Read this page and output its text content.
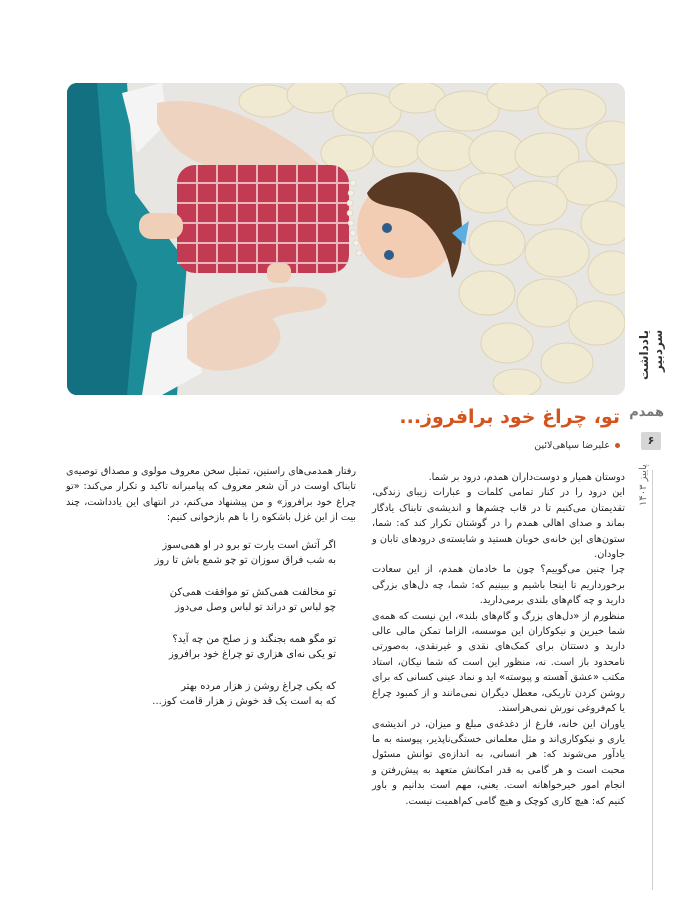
یادداشت سردبیر
همدم
۶
پاییز ۱۴۰۳
تو، چراغ خود برافروز...
علیرضا سپاهی‌لائین

دوستان همیار و دوست‌داران همدم، درود بر شما.

این درود را در کنار تمامی کلمات و عبارات زیبای زندگی، تقدیمتان می‌کنیم تا در قاب چشم‌ها و اندیشه‌ی تابناک یادگار بماند و صدای اهالی همدم را در گوشتان تکرار کند که: شما، ستون‌های این خانه‌ی خوبان هستید و شایسته‌ی درودهای تابان و جاودان.

چرا چنین می‌گوییم؟ چون ما خادمان همدم، از این سعادت برخورداریم تا اینجا باشیم و ببینیم که: شما، چه دل‌های بزرگی دارید و چه گام‌های بلندی برمی‌دارید.

منظورم از «دل‌های بزرگ و گام‌های بلند»، این نیست که همه‌ی شما خیرین و نیکوکاران این موسسه، الزاما تمکن مالی عالی دارید و دستتان برای کمک‌های نقدی و غیرنقدی، به‌صورتی نامحدود باز است. نه، منظور این است که شما نیکان، استاد مکتب «عشق آهسته و پیوسته» اید و نماد عینی کسانی که برای روشن کردن تاریکی، معطل دیگران نمی‌مانند و از کمبود چراغ یا کم‌فروغی نورش نمی‌هراسند.

یاوران این خانه، فارغ از دغدغه‌ی مبلغ و میزان، در اندیشه‌ی یاری و نیکوکاری‌اند و مثل معلمانی خستگی‌ناپذیر، پیوسته به ما یادآور می‌شوند که: هر انسانی، به اندازه‌ی توانش مسئول محبت است و هر گامی به قدر امکانش متعهد به پیش‌رفتن و انجام امور خیرخواهانه است. یعنی، مهم است بدانیم و باور کنیم که: هیچ کاری کوچک و هیچ گامی کم‌اهمیت نیست.

رفتار همدمی‌های راستین، تمثیل سخن معروف مولوی و مصداق توصیه‌ی تابناک اوست در آن شعر معروف که پیامبرانه تاکید و تکرار می‌کند: «تو چراغ خود برافروز» و من پیشنهاد می‌کنم، در انتهای این یادداشت، چند بیت از این غزل باشکوه را با هم بازخوانی کنیم:

اگر آتش است یارت تو برو در او همی‌سوز
به شب فراق سوزان تو چو شمع باش تا روز
تو مخالفت همی‌کش تو موافقت همی‌کن
چو لباس تو دراند تو لباس وصل می‌دوز
تو مگو همه بجنگند و ز صلح من چه آید؟
تو یکی نه‌ای هزاری تو چراغ خود برافروز
که یکی چراغ روشن ز هزار مرده بهتر
که به است یک قد خوش ز هزار قامت کوز...
